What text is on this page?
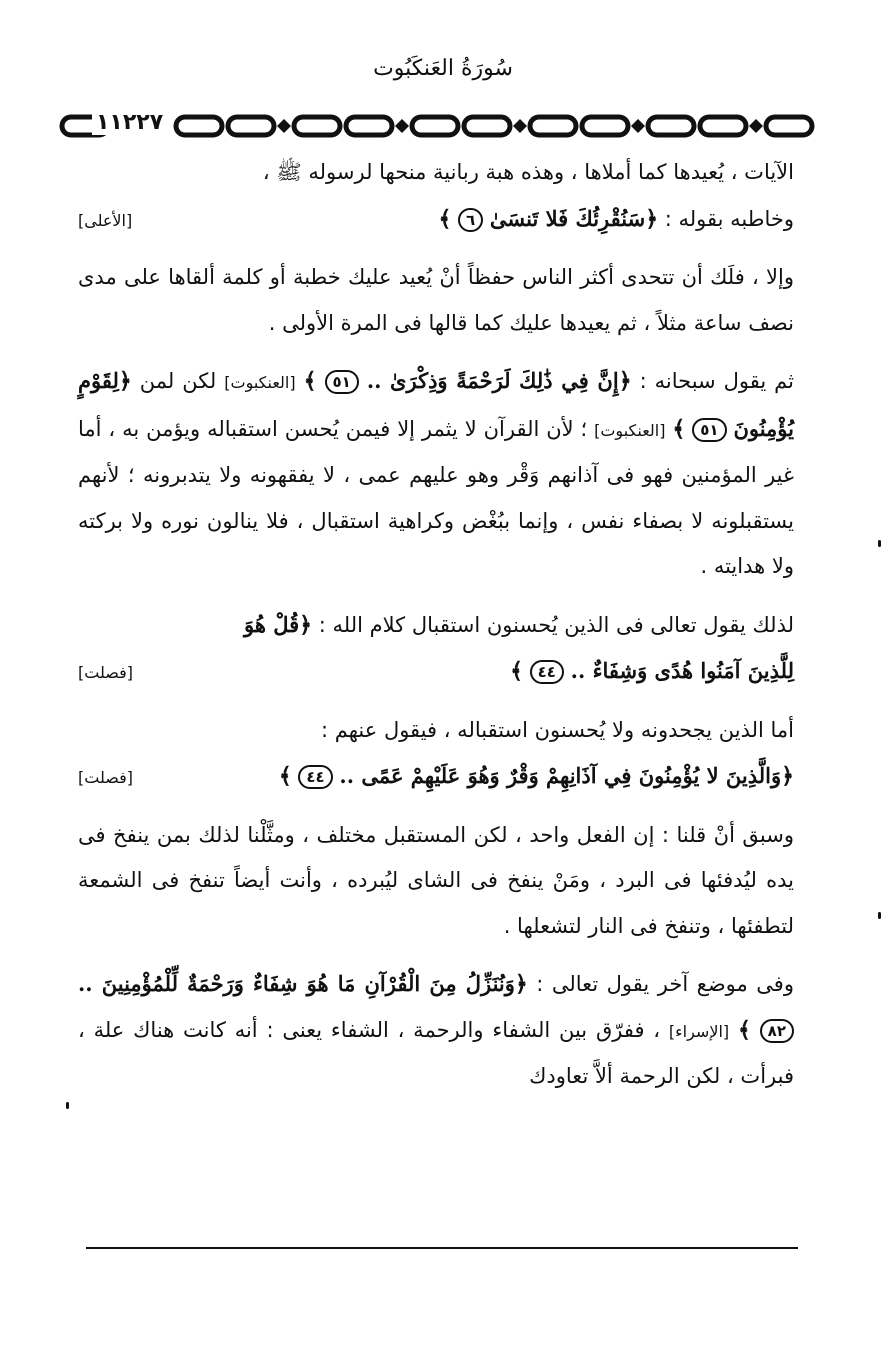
سُورَةُ العَنكَبُوت
١١٢٢٧

الآيات ، يُعيدها كما أملاها ، وهذه هبة ربانية منحها لرسوله ﷺ ،

وخاطبه بقوله : ﴿سَنُقْرِئُكَ فَلا تَنسَىٰ ٦ ﴾
[الأعلى]

وإلا ، فلَك أن تتحدى أكثر الناس حفظاً أنْ يُعيد عليك خطبة أو كلمة ألقاها على مدى نصف ساعة مثلاً ، ثم يعيدها عليك كما قالها فى المرة الأولى .

ثم يقول سبحانه : ﴿إِنَّ فِي ذَٰلِكَ لَرَحْمَةً وَذِكْرَىٰ .. ٥١ ﴾ [العنكبوت] لكن لمن ﴿لِقَوْمٍ يُؤْمِنُونَ ٥١ ﴾ [العنكبوت] ؛ لأن القرآن لا يثمر إلا فيمن يُحسن استقباله ويؤمن به ، أما غير المؤمنين فهو فى آذانهم وَقْر وهو عليهم عمى ، لا يفقهونه ولا يتدبرونه ؛ لأنهم يستقبلونه لا بصفاء نفس ، وإنما ببُغْض وكراهية استقبال ، فلا ينالون نوره ولا بركته ولا هدايته .

لذلك يقول تعالى فى الذين يُحسنون استقبال كلام الله : ﴿قُلْ هُوَ

لِلَّذِينَ آمَنُوا هُدًى وَشِفَاءٌ .. ٤٤ ﴾
[فصلت]

أما الذين يجحدونه ولا يُحسنون استقباله ، فيقول عنهم :

﴿وَالَّذِينَ لا يُؤْمِنُونَ فِي آذَانِهِمْ وَقْرٌ وَهُوَ عَلَيْهِمْ عَمًى .. ٤٤ ﴾
[فصلت]

وسبق أنْ قلنا : إن الفعل واحد ، لكن المستقبل مختلف ، ومثَّلْنا لذلك بمن ينفخ فى يده ليُدفئها فى البرد ، ومَنْ ينفخ فى الشاى ليُبرده ، وأنت أيضاً تنفخ فى الشمعة لتطفئها ، وتنفخ فى النار لتشعلها .

وفى موضع آخر يقول تعالى : ﴿وَنُنَزِّلُ مِنَ الْقُرْآنِ مَا هُوَ شِفَاءٌ وَرَحْمَةٌ لِّلْمُؤْمِنِينَ .. ٨٢ ﴾ [الإسراء] ، ففرّق بين الشفاء والرحمة ، الشفاء يعنى : أنه كانت هناك علة ، فبرأت ، لكن الرحمة ألاَّ تعاودك
